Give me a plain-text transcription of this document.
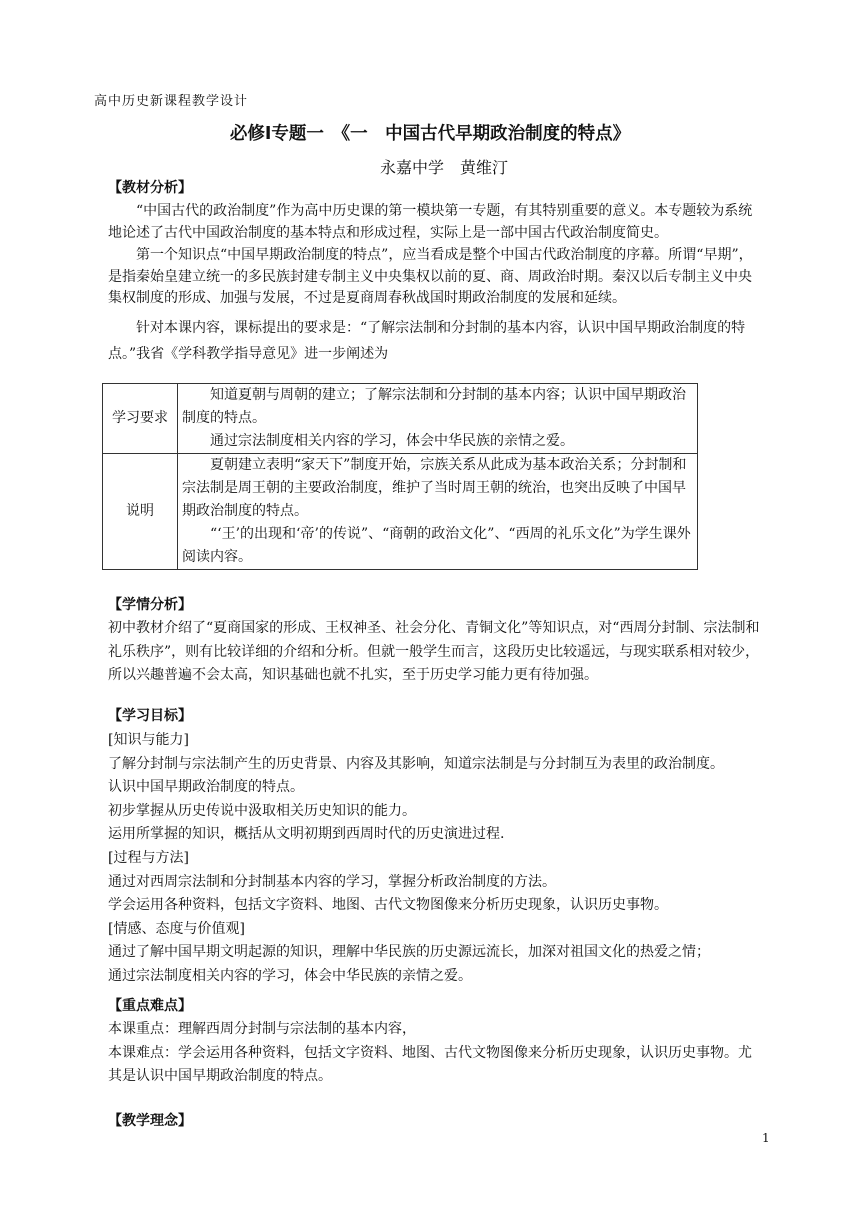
高中历史新课程教学设计
必修Ⅰ专题一　《一　中国古代早期政治制度的特点》
永嘉中学　黄维汀
【教材分析】
“中国古代的政治制度”作为高中历史课的第一模块第一专题，有其特别重要的意义。本专题较为系统地论述了古代中国政治制度的基本特点和形成过程，实际上是一部中国古代政治制度简史。
第一个知识点“中国早期政治制度的特点”，应当看成是整个中国古代政治制度的序幕。所谓“早期”，是指秦始皇建立统一的多民族封建专制主义中央集权以前的夏、商、周政治时期。秦汉以后专制主义中央集权制度的形成、加强与发展，不过是夏商周春秋战国时期政治制度的发展和延续。
针对本课内容，课标提出的要求是：“了解宗法制和分封制的基本内容，认识中国早期政治制度的特点。”我省《学科教学指导意见》进一步阐述为
学习要求	知道夏朝与周朝的建立；了解宗法制和分封制的基本内容；认识中国早期政治制度的特点。
通过宗法制度相关内容的学习，体会中华民族的亲情之爱。

说明	夏朝建立表明“家天下”制度开始，宗族关系从此成为基本政治关系；分封制和宗法制是周王朝的主要政治制度，维护了当时周王朝的统治，也突出反映了中国早期政治制度的特点。
“‘王’的出现和‘帝’的传说”、“商朝的政治文化”、“西周的礼乐文化”为学生课外阅读内容。
【学情分析】
初中教材介绍了“夏商国家的形成、王权神圣、社会分化、青铜文化”等知识点，对“西周分封制、宗法制和礼乐秩序”，则有比较详细的介绍和分析。但就一般学生而言，这段历史比较遥远，与现实联系相对较少，所以兴趣普遍不会太高，知识基础也就不扎实，至于历史学习能力更有待加强。
【学习目标】
[知识与能力]
了解分封制与宗法制产生的历史背景、内容及其影响，知道宗法制是与分封制互为表里的政治制度。
认识中国早期政治制度的特点。
初步掌握从历史传说中汲取相关历史知识的能力。
运用所掌握的知识，概括从文明初期到西周时代的历史演进过程.
[过程与方法]
通过对西周宗法制和分封制基本内容的学习，掌握分析政治制度的方法。
学会运用各种资料，包括文字资料、地图、古代文物图像来分析历史现象，认识历史事物。
[情感、态度与价值观]
通过了解中国早期文明起源的知识，理解中华民族的历史源远流长，加深对祖国文化的热爱之情；
通过宗法制度相关内容的学习，体会中华民族的亲情之爱。
【重点难点】
本课重点：理解西周分封制与宗法制的基本内容，
本课难点：学会运用各种资料，包括文字资料、地图、古代文物图像来分析历史现象，认识历史事物。尤其是认识中国早期政治制度的特点。
【教学理念】
1
